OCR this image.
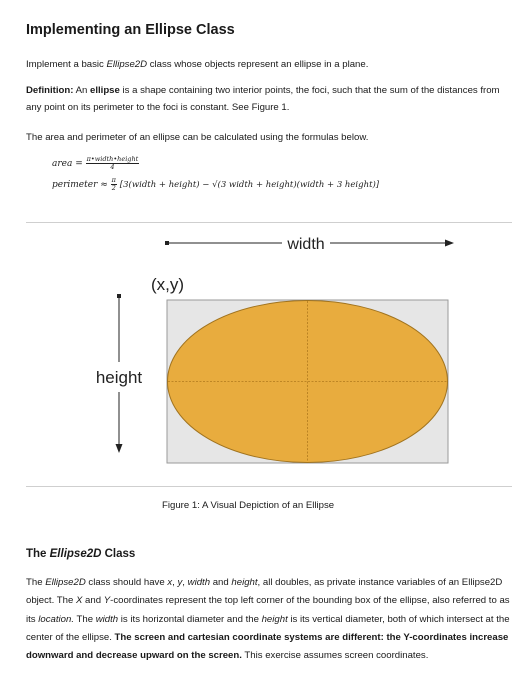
Implementing an Ellipse Class
Implement a basic Ellipse2D class whose objects represent an ellipse in a plane.
Definition: An ellipse is a shape containing two interior points, the foci, such that the sum of the distances from any point on its perimeter to the foci is constant. See Figure 1.
The area and perimeter of an ellipse can be calculated using the formulas below.
area = $\frac{\text{π•width•height}}{4}$
perimeter ≈ $\frac{\pi}{2}$ [3(width + height) − √(3 width + height)(width + 3 height)]
width
(x,y)
height
Figure 1: A Visual Depiction of an Ellipse
The Ellipse2D Class
The Ellipse2D class should have x, y, width and height, all doubles, as private instance variables of an Ellipse2D object. The X and Y-coordinates represent the top left corner of the bounding box of the ellipse, also referred to as its location. The width is its horizontal diameter and the height is its vertical diameter, both of which intersect at the center of the ellipse. The screen and cartesian coordinate systems are different: the Y-coordinates increase downward and decrease upward on the screen. This exercise assumes screen coordinates.
